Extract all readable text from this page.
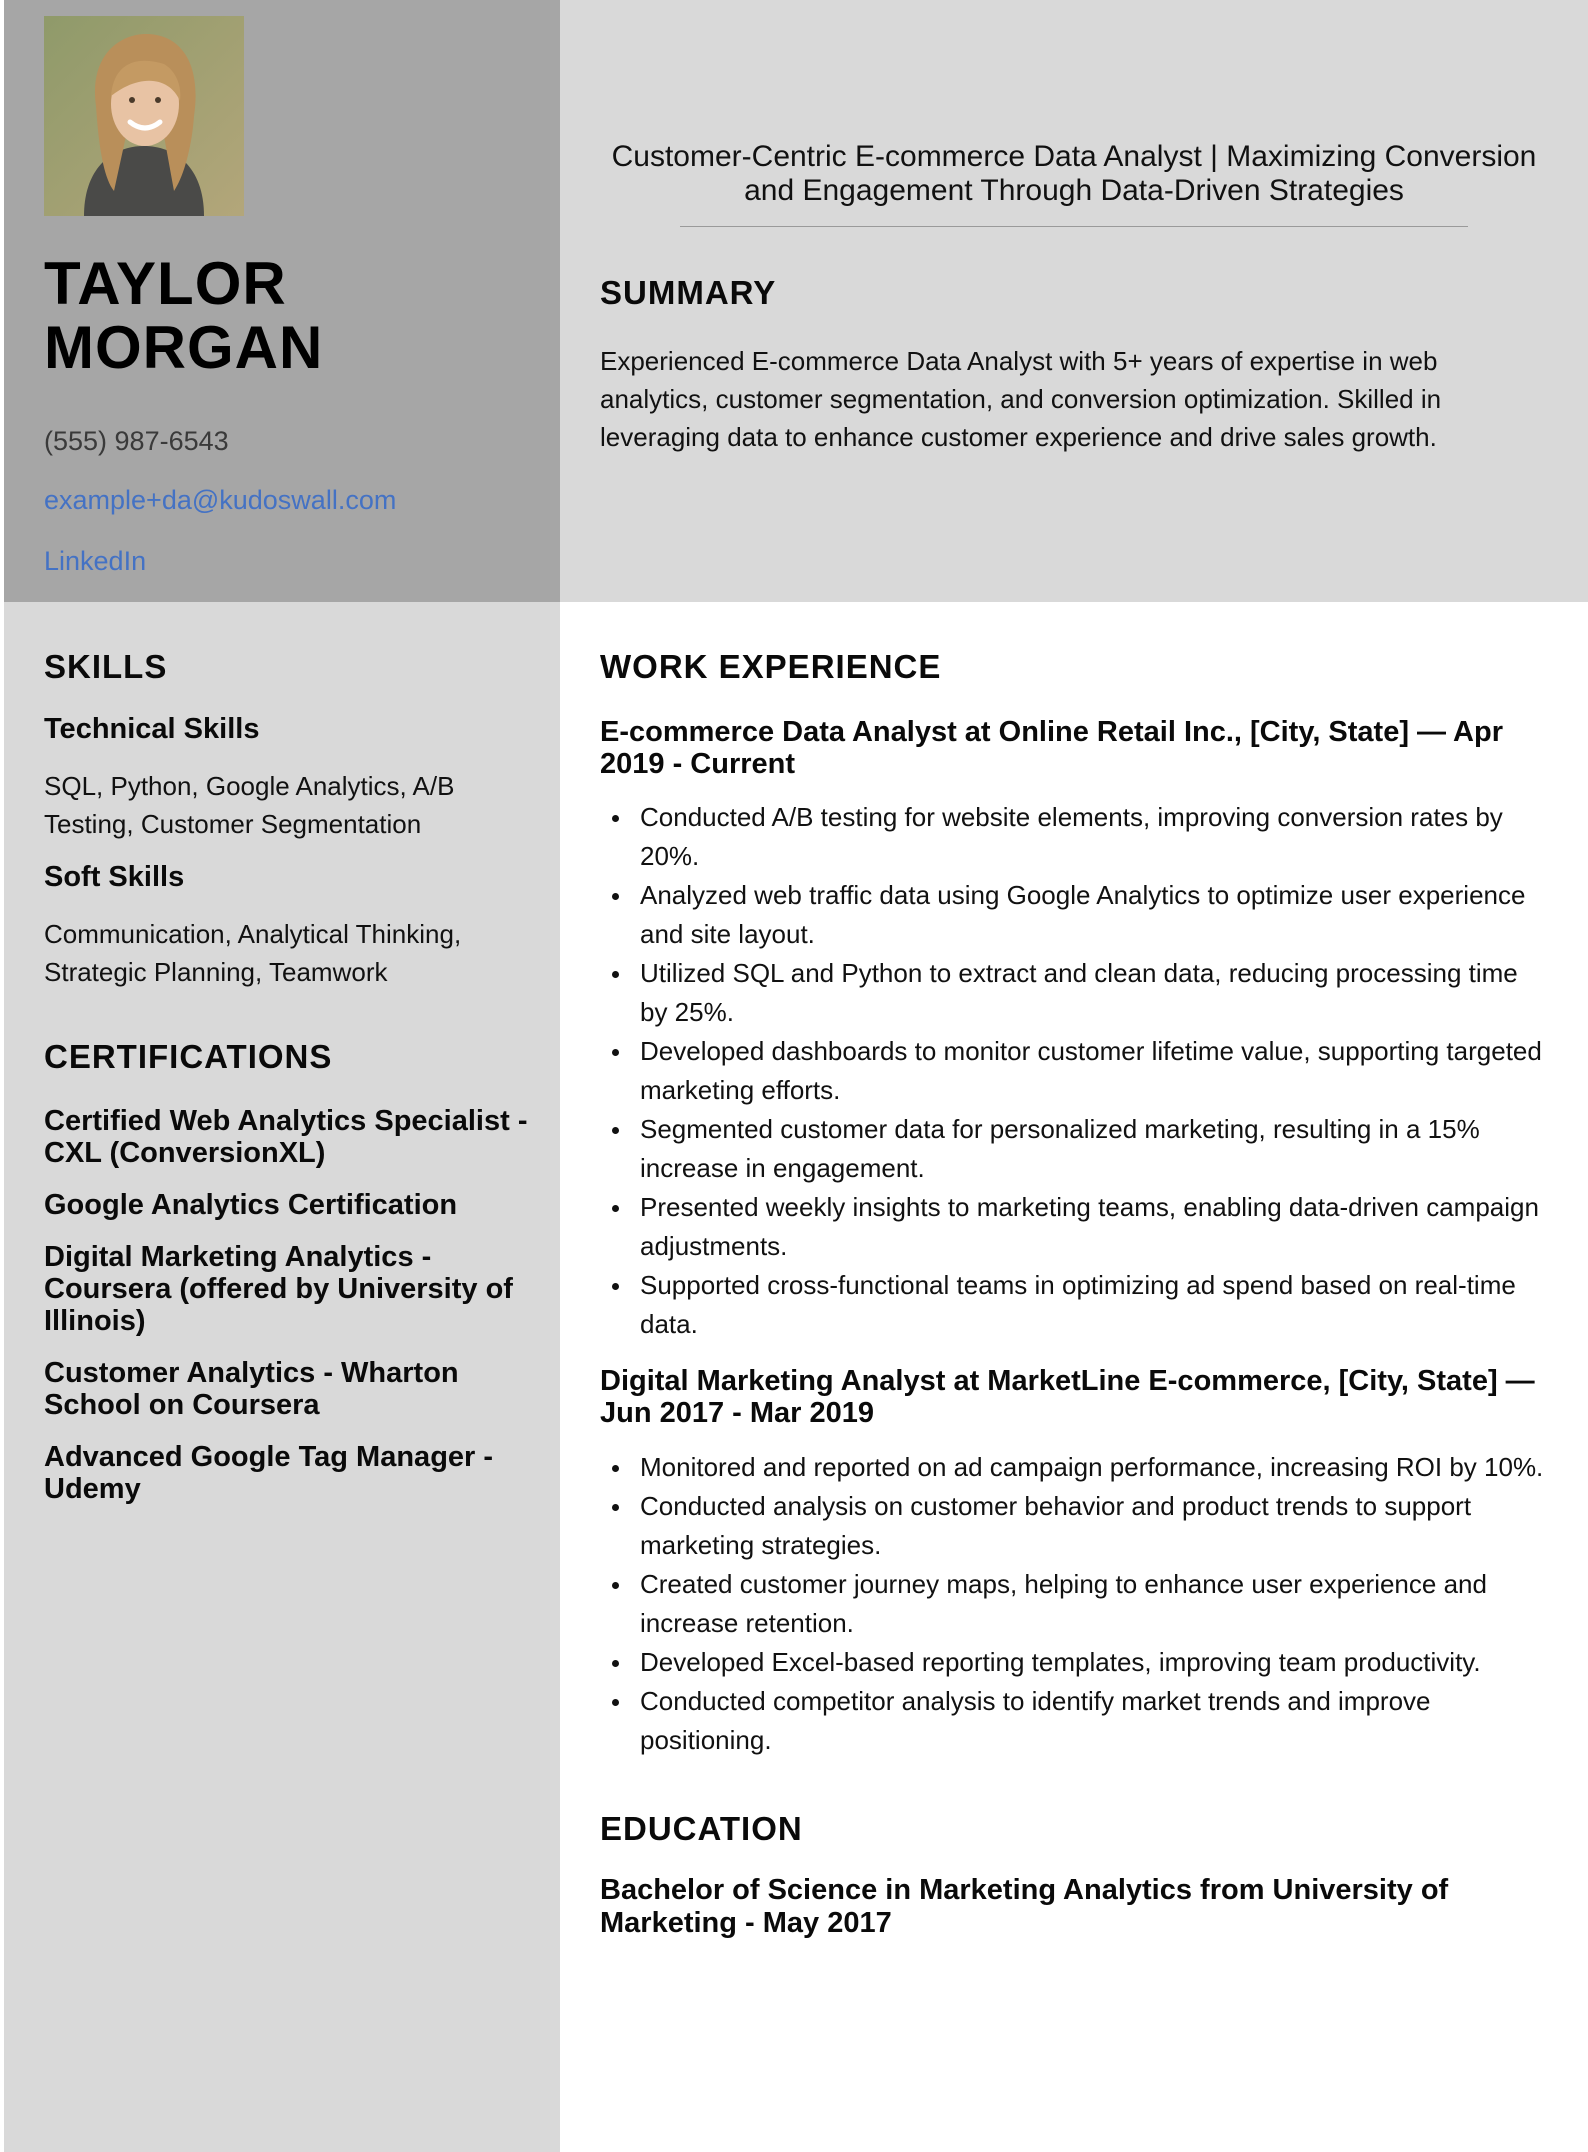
TAYLOR
MORGAN
(555) 987-6543
example+da@kudoswall.com
LinkedIn
Customer-Centric E-commerce Data Analyst | Maximizing Conversion and Engagement Through Data-Driven Strategies
SUMMARY
Experienced E-commerce Data Analyst with 5+ years of expertise in web analytics, customer segmentation, and conversion optimization. Skilled in leveraging data to enhance customer experience and drive sales growth.
SKILLS
Technical Skills
SQL, Python, Google Analytics, A/B Testing, Customer Segmentation
Soft Skills
Communication, Analytical Thinking, Strategic Planning, Teamwork
CERTIFICATIONS
Certified Web Analytics Specialist - CXL (ConversionXL)
Google Analytics Certification
Digital Marketing Analytics - Coursera (offered by University of Illinois)
Customer Analytics - Wharton School on Coursera
Advanced Google Tag Manager - Udemy
WORK EXPERIENCE
E-commerce Data Analyst at Online Retail Inc., [City, State] — Apr 2019 - Current
Conducted A/B testing for website elements, improving conversion rates by 20%.
Analyzed web traffic data using Google Analytics to optimize user experience and site layout.
Utilized SQL and Python to extract and clean data, reducing processing time by 25%.
Developed dashboards to monitor customer lifetime value, supporting targeted marketing efforts.
Segmented customer data for personalized marketing, resulting in a 15% increase in engagement.
Presented weekly insights to marketing teams, enabling data-driven campaign adjustments.
Supported cross-functional teams in optimizing ad spend based on real-time data.
Digital Marketing Analyst at MarketLine E-commerce, [City, State] — Jun 2017 - Mar 2019
Monitored and reported on ad campaign performance, increasing ROI by 10%.
Conducted analysis on customer behavior and product trends to support marketing strategies.
Created customer journey maps, helping to enhance user experience and increase retention.
Developed Excel-based reporting templates, improving team productivity.
Conducted competitor analysis to identify market trends and improve positioning.
EDUCATION
Bachelor of Science in Marketing Analytics from University of Marketing - May 2017
